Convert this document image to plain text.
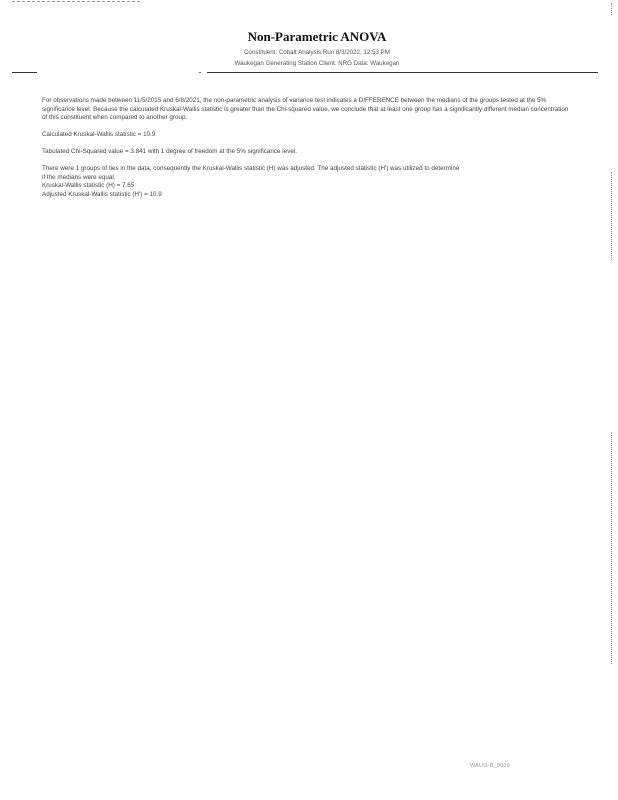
Non-Parametric ANOVA
Constituent: Cobalt Analysis Run 8/3/2022, 12:53 PM
Waukegan Generating Station Client: NRG Data: Waukegan

For observations made between 11/5/2015 and 6/8/2021, the non-parametric analysis of variance test indicates a DIFFERENCE between the medians of the groups tested at the 5% significance level. Because the calculated Kruskal-Wallis statistic is greater than the Chi-squared value, we conclude that at least one group has a significantly different median concentration of this constituent when compared to another group.

Calculated Kruskal-Wallis statistic = 10.9

Tabulated Chi-Squared value = 3.841 with 1 degree of freedom at the 5% significance level.

There were 1 groups of ties in the data, consequently the Kruskal-Wallis statistic (H) was adjusted. The adjusted statistic (H') was utilized to determine

if the medians were equal.

Kruskal-Wallis statistic (H) = 7.65

Adjusted Kruskal-Wallis statistic (H') = 10.9

WAUG-B_0009
